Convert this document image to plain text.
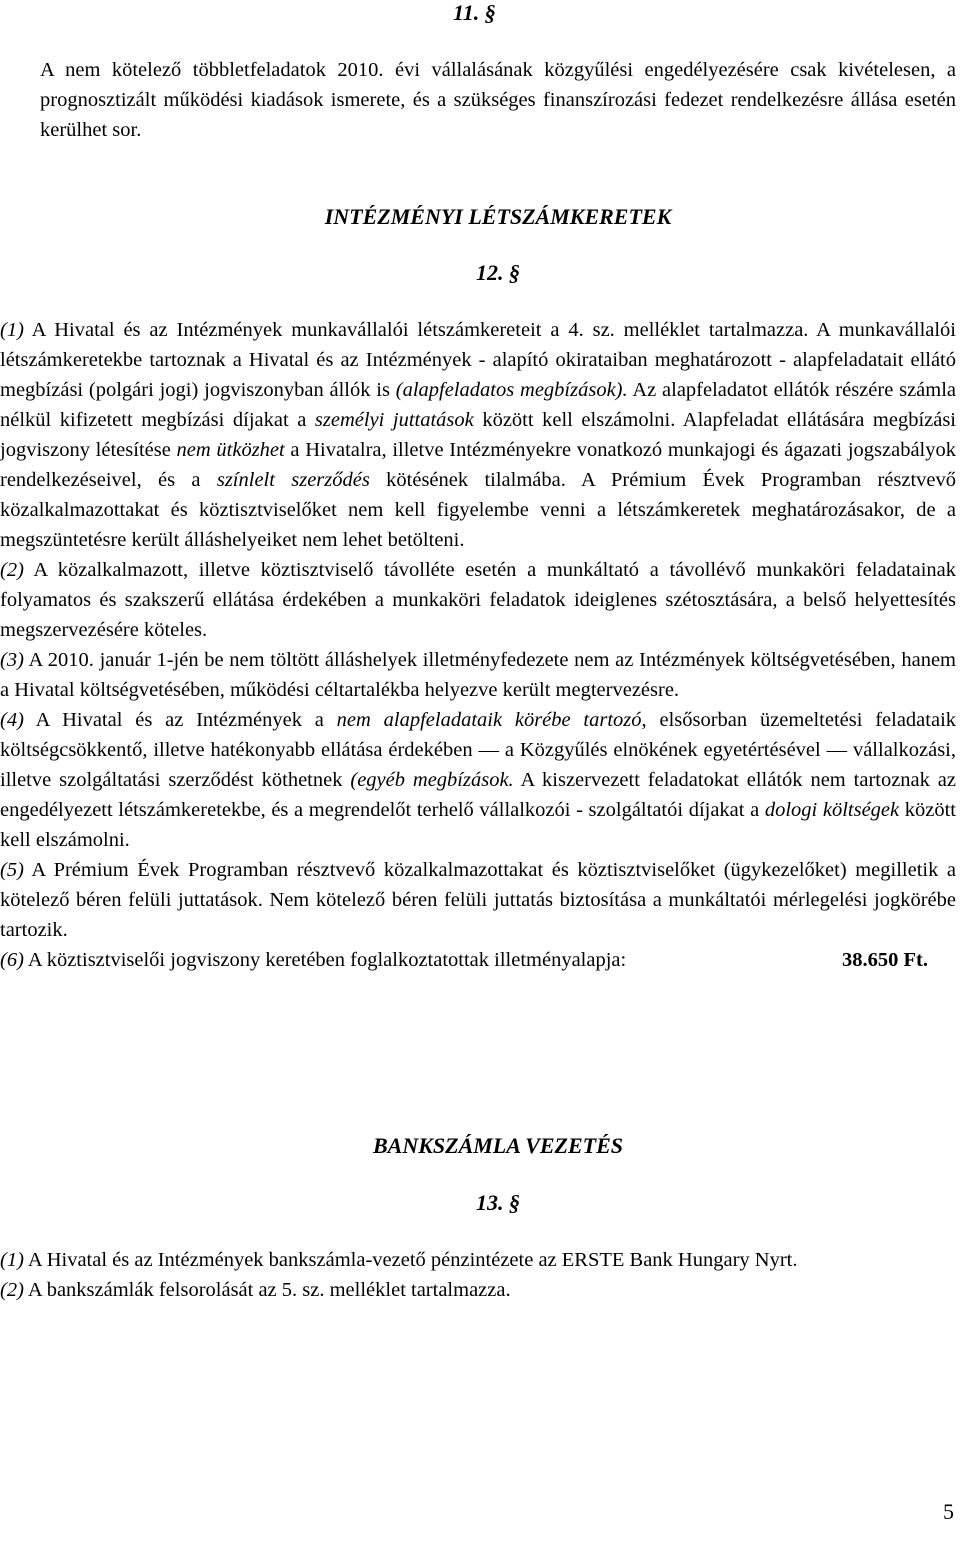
11. §

A nem kötelező többletfeladatok 2010. évi vállalásának közgyűlési engedélyezésére csak kivételesen, a prognosztizált működési kiadások ismerete, és a szükséges finanszírozási fedezet rendelkezésre állása esetén kerülhet sor.

INTÉZMÉNYI LÉTSZÁMKERETEK
12. §

(1) A Hivatal és az Intézmények munkavállalói létszámkereteit a 4. sz. melléklet tartalmazza. A munkavállalói létszámkeretekbe tartoznak a Hivatal és az Intézmények - alapító okirataiban meghatározott - alapfeladatait ellátó megbízási (polgári jogi) jogviszonyban állók is (alapfeladatos megbízások). Az alapfeladatot ellátók részére számla nélkül kifizetett megbízási díjakat a személyi juttatások között kell elszámolni. Alapfeladat ellátására megbízási jogviszony létesítése nem ütközhet a Hivatalra, illetve Intézményekre vonatkozó munkajogi és ágazati jogszabályok rendelkezéseivel, és a színlelt szerződés kötésének tilalmába. A Prémium Évek Programban résztvevő közalkalmazottakat és köztisztviselőket nem kell figyelembe venni a létszámkeretek meghatározásakor, de a megszüntetésre került álláshelyeiket nem lehet betölteni.

(2) A közalkalmazott, illetve köztisztviselő távolléte esetén a munkáltató a távollévő munkaköri feladatainak folyamatos és szakszerű ellátása érdekében a munkaköri feladatok ideiglenes szétosztására, a belső helyettesítés megszervezésére köteles.

(3) A 2010. január 1-jén be nem töltött álláshelyek illetményfedezete nem az Intézmények költségvetésében, hanem a Hivatal költségvetésében, működési céltartalékba helyezve került megtervezésre.

(4) A Hivatal és az Intézmények a nem alapfeladataik körébe tartozó, elsősorban üzemeltetési feladataik költségcsökkentő, illetve hatékonyabb ellátása érdekében — a Közgyűlés elnökének egyetértésével — vállalkozási, illetve szolgáltatási szerződést köthetnek (egyéb megbízások. A kiszervezett feladatokat ellátók nem tartoznak az engedélyezett létszámkeretekbe, és a megrendelőt terhelő vállalkozói - szolgáltatói díjakat a dologi költségek között kell elszámolni.

(5) A Prémium Évek Programban résztvevő közalkalmazottakat és köztisztviselőket (ügykezelőket) megilletik a kötelező béren felüli juttatások. Nem kötelező béren felüli juttatás biztosítása a munkáltatói mérlegelési jogkörébe tartozik.

(6) A köztisztviselői jogviszony keretében foglalkoztatottak illetményalapja:	38.650 Ft.
BANKSZÁMLA VEZETÉS
13. §

(1) A Hivatal és az Intézmények bankszámla-vezető pénzintézete az ERSTE Bank Hungary Nyrt.

(2) A bankszámlák felsorolását az 5. sz. melléklet tartalmazza.

5
